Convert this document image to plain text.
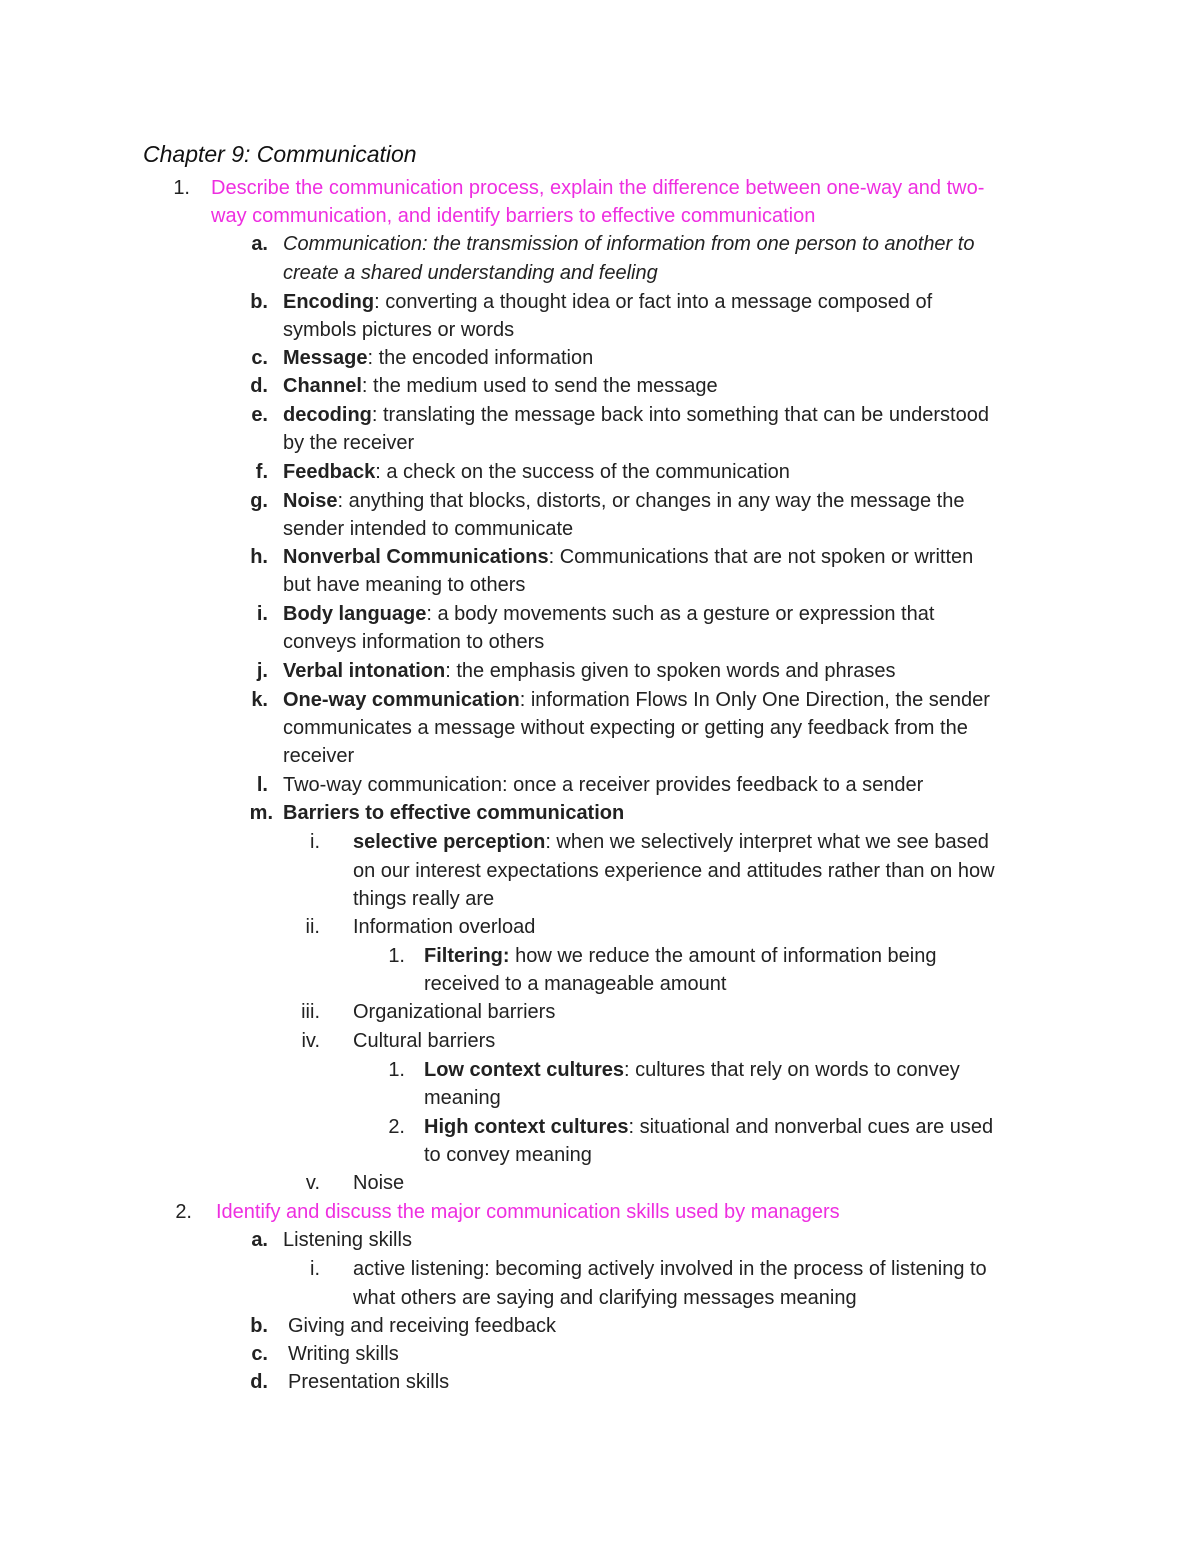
Chapter 9: Communication
1. Describe the communication process, explain the difference between one-way and two-
way communication, and identify barriers to effective communication
a. Communication: the transmission of information from one person to another to
create a shared understanding and feeling
b. Encoding: converting a thought idea or fact into a message composed of
symbols pictures or words
c. Message: the encoded information
d. Channel: the medium used to send the message
e. decoding: translating the message back into something that can be understood
by the receiver
f. Feedback: a check on the success of the communication
g. Noise: anything that blocks, distorts, or changes in any way the message the
sender intended to communicate
h. Nonverbal Communications: Communications that are not spoken or written
but have meaning to others
i. Body language: a body movements such as a gesture or expression that
conveys information to others
j. Verbal intonation: the emphasis given to spoken words and phrases
k. One-way communication: information Flows In Only One Direction, the sender
communicates a message without expecting or getting any feedback from the
receiver
l. Two-way communication: once a receiver provides feedback to a sender
m. Barriers to effective communication
i. selective perception: when we selectively interpret what we see based
on our interest expectations experience and attitudes rather than on how
things really are
ii. Information overload
1. Filtering: how we reduce the amount of information being
received to a manageable amount
iii. Organizational barriers
iv. Cultural barriers
1. Low context cultures: cultures that rely on words to convey
meaning
2. High context cultures: situational and nonverbal cues are used
to convey meaning
v. Noise
2. Identify and discuss the major communication skills used by managers
a. Listening skills
i. active listening: becoming actively involved in the process of listening to
what others are saying and clarifying messages meaning
b. Giving and receiving feedback
c. Writing skills
d. Presentation skills
